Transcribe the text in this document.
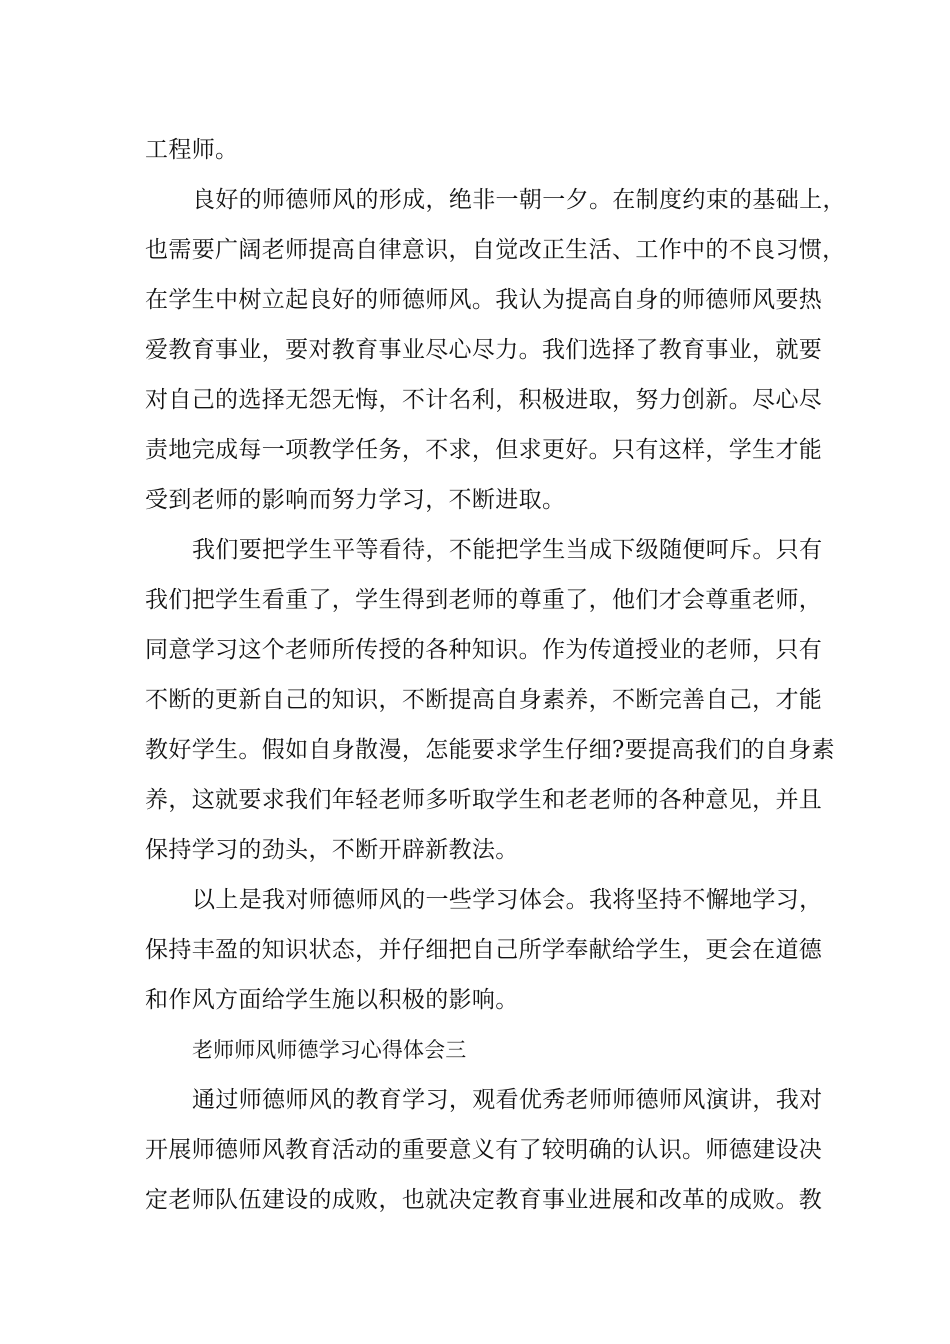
工程师。
良好的师德师风的形成，绝非一朝一夕。在制度约束的基础上，
也需要广阔老师提高自律意识，自觉改正生活、工作中的不良习惯，
在学生中树立起良好的师德师风。我认为提高自身的师德师风要热
爱教育事业，要对教育事业尽心尽力。我们选择了教育事业，就要
对自己的选择无怨无悔，不计名利，积极进取，努力创新。尽心尽
责地完成每一项教学任务，不求，但求更好。只有这样，学生才能
受到老师的影响而努力学习，不断进取。
我们要把学生平等看待，不能把学生当成下级随便呵斥。只有
我们把学生看重了，学生得到老师的尊重了，他们才会尊重老师，
同意学习这个老师所传授的各种知识。作为传道授业的老师，只有
不断的更新自己的知识，不断提高自身素养，不断完善自己，才能
教好学生。假如自身散漫，怎能要求学生仔细?要提高我们的自身素
养，这就要求我们年轻老师多听取学生和老老师的各种意见，并且
保持学习的劲头，不断开辟新教法。
以上是我对师德师风的一些学习体会。我将坚持不懈地学习，
保持丰盈的知识状态，并仔细把自己所学奉献给学生，更会在道德
和作风方面给学生施以积极的影响。
老师师风师德学习心得体会三
通过师德师风的教育学习，观看优秀老师师德师风演讲，我对
开展师德师风教育活动的重要意义有了较明确的认识。师德建设决
定老师队伍建设的成败，也就决定教育事业进展和改革的成败。教
